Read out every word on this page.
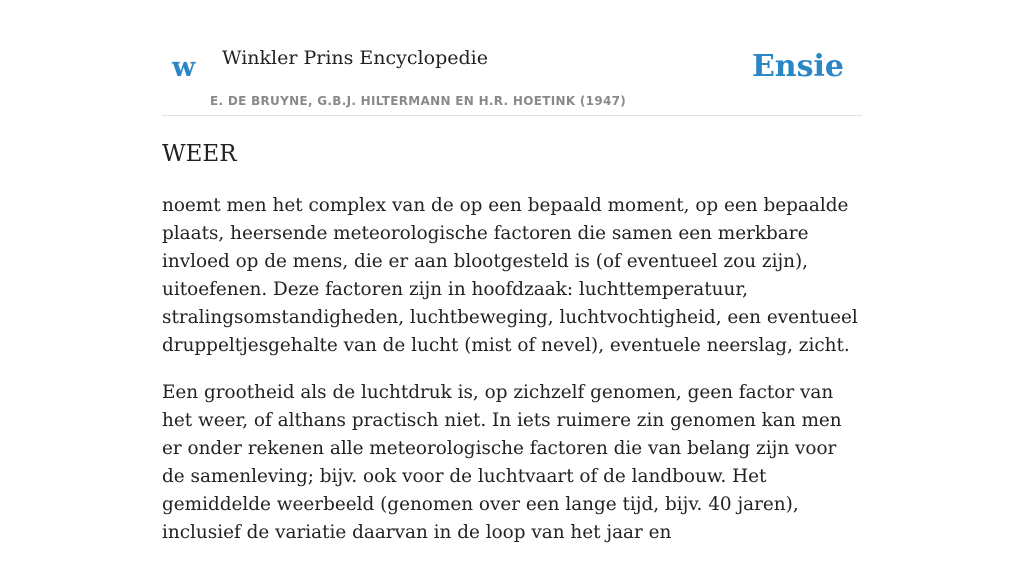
w Winkler Prins Encyclopedie
E. DE BRUYNE, G.B.J. HILTERMANN EN H.R. HOETINK (1947)
Ensie
WEER

noemt men het complex van de op een bepaald moment, op een bepaalde plaats, heersende meteorologische factoren die samen een merkbare invloed op de mens, die er aan blootgesteld is (of eventueel zou zijn), uitoefenen. Deze factoren zijn in hoofdzaak: luchttemperatuur, stralingsomstandigheden, luchtbeweging, luchtvochtigheid, een eventueel druppeltjesgehalte van de lucht (mist of nevel), eventuele neerslag, zicht.

Een grootheid als de luchtdruk is, op zichzelf genomen, geen factor van het weer, of althans practisch niet. In iets ruimere zin genomen kan men er onder rekenen alle meteorologische factoren die van belang zijn voor de samenleving; bijv. ook voor de luchtvaart of de landbouw. Het gemiddelde weerbeeld (genomen over een lange tijd, bijv. 40 jaren), inclusief de variatie daarvan in de loop van het jaar en
